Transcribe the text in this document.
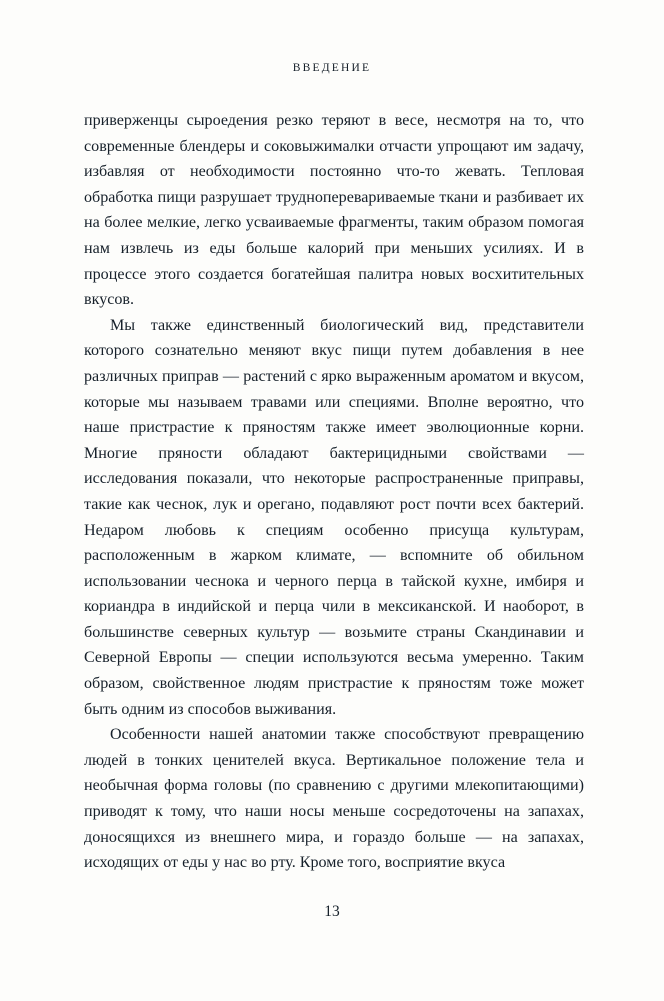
ВВЕДЕНИЕ

приверженцы сыроедения резко теряют в весе, несмотря на то, что современные блендеры и соковыжималки отчасти упрощают им задачу, избавляя от необходимости постоянно что-то жевать. Тепловая обработка пищи разрушает трудноперевариваемые ткани и разбивает их на более мелкие, легко усваиваемые фрагменты, таким образом помогая нам извлечь из еды больше калорий при меньших усилиях. И в процессе этого создается богатейшая палитра новых восхитительных вкусов.

Мы также единственный биологический вид, представители которого сознательно меняют вкус пищи путем добавления в нее различных приправ — растений с ярко выраженным ароматом и вкусом, которые мы называем травами или специями. Вполне вероятно, что наше пристрастие к пряностям также имеет эволюционные корни. Многие пряности обладают бактерицидными свойствами — исследования показали, что некоторые распространенные приправы, такие как чеснок, лук и орегано, подавляют рост почти всех бактерий. Недаром любовь к специям особенно присуща культурам, расположенным в жарком климате, — вспомните об обильном использовании чеснока и черного перца в тайской кухне, имбиря и кориандра в индийской и перца чили в мексиканской. И наоборот, в большинстве северных культур — возьмите страны Скандинавии и Северной Европы — специи используются весьма умеренно. Таким образом, свойственное людям пристрастие к пряностям тоже может быть одним из способов выживания.

Особенности нашей анатомии также способствуют превращению людей в тонких ценителей вкуса. Вертикальное положение тела и необычная форма головы (по сравнению с другими млекопитающими) приводят к тому, что наши носы меньше сосредоточены на запахах, доносящихся из внешнего мира, и гораздо больше — на запахах, исходящих от еды у нас во рту. Кроме того, восприятие вкуса

13
